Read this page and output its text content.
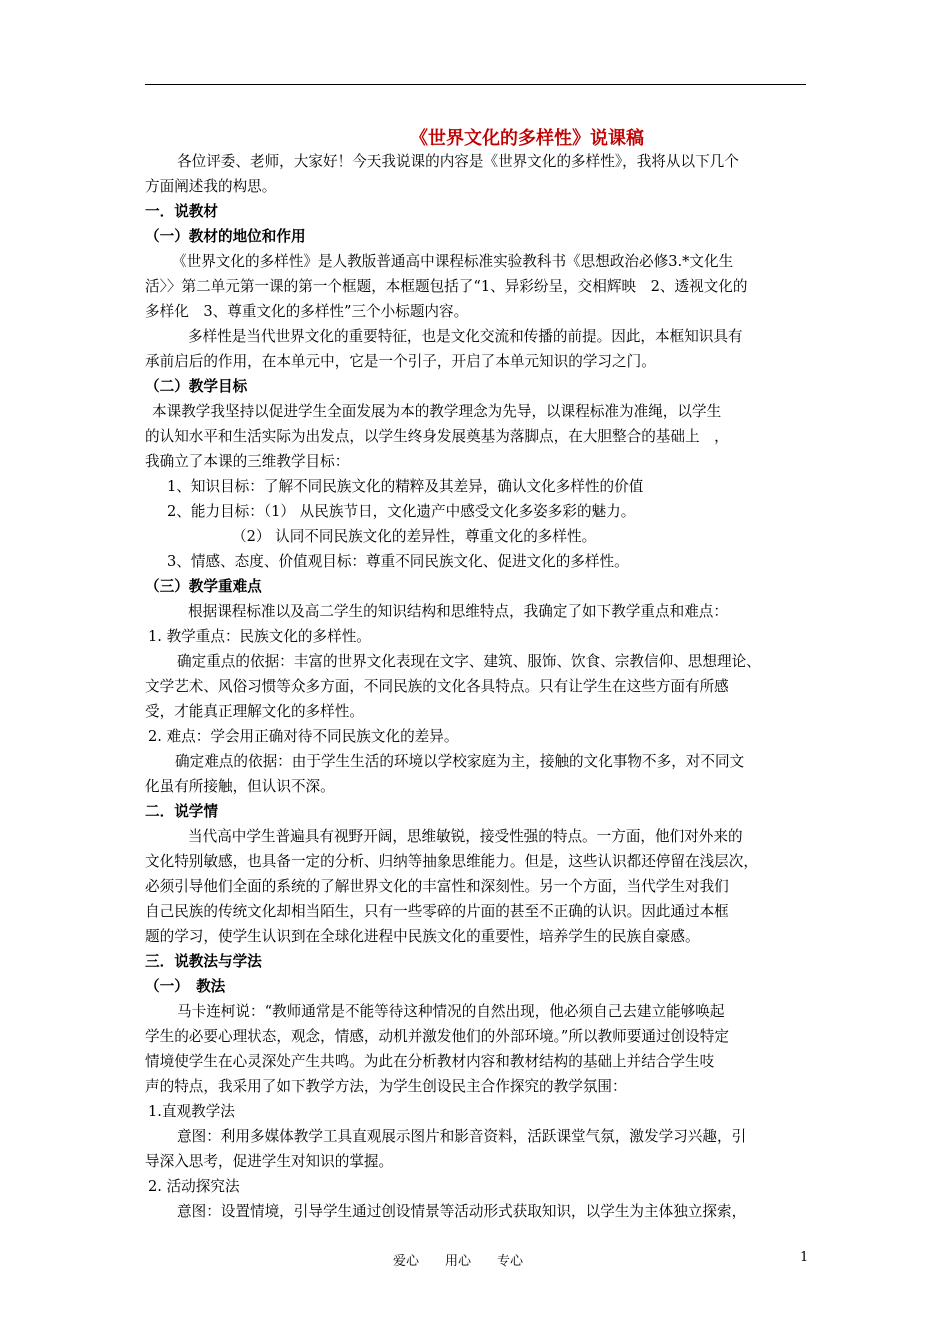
《世界文化的多样性》说课稿
各位评委、老师，大家好！今天我说课的内容是《世界文化的多样性》，我将从以下几个
方面阐述我的构思。
一．说教材
（一）教材的地位和作用
《世界文化的多样性》是人教版普通高中课程标准实验教科书《思想政治必修3.*文化生
活〉〉第二单元第一课的第一个框题，本框题包括了“1、异彩纷呈，交相辉映　2、透视文化的
多样化　3、尊重文化的多样性”三个小标题内容。
多样性是当代世界文化的重要特征，也是文化交流和传播的前提。因此，本框知识具有
承前启后的作用，在本单元中，它是一个引子，开启了本单元知识的学习之门。
（二）教学目标
本课教学我坚持以促进学生全面发展为本的教学理念为先导，以课程标准为准绳，以学生
的认知水平和生活实际为出发点，以学生终身发展奠基为落脚点，在大胆整合的基础上　，
我确立了本课的三维教学目标：
1、知识目标：了解不同民族文化的精粹及其差异，确认文化多样性的价值
2、能力目标：（1） 从民族节日，文化遗产中感受文化多姿多彩的魅力。
（2） 认同不同民族文化的差异性，尊重文化的多样性。
3、情感、态度、价值观目标：尊重不同民族文化、促进文化的多样性。
（三）教学重难点
根据课程标准以及高二学生的知识结构和思维特点，我确定了如下教学重点和难点：
1. 教学重点：民族文化的多样性。
确定重点的依据：丰富的世界文化表现在文字、建筑、服饰、饮食、宗教信仰、思想理论、
文学艺术、风俗习惯等众多方面，不同民族的文化各具特点。只有让学生在这些方面有所感
受，才能真正理解文化的多样性。
2. 难点：学会用正确对待不同民族文化的差异。
确定难点的依据：由于学生生活的环境以学校家庭为主，接触的文化事物不多，对不同文
化虽有所接触，但认识不深。
二．说学情
当代高中学生普遍具有视野开阔，思维敏锐，接受性强的特点。一方面，他们对外来的
文化特别敏感，也具备一定的分析、归纳等抽象思维能力。但是，这些认识都还停留在浅层次，
必须引导他们全面的系统的了解世界文化的丰富性和深刻性。另一个方面，当代学生对我们
自己民族的传统文化却相当陌生，只有一些零碎的片面的甚至不正确的认识。因此通过本框
题的学习，使学生认识到在全球化进程中民族文化的重要性，培养学生的民族自豪感。
三．说教法与学法
（一）　教法
马卡连柯说：“教师通常是不能等待这种情况的自然出现，他必须自己去建立能够唤起
学生的必要心理状态，观念，情感，动机并激发他们的外部环境。”所以教师要通过创设特定
情境使学生在心灵深处产生共鸣。为此在分析教材内容和教材结构的基础上并结合学生吱
声的特点，我采用了如下教学方法，为学生创设民主合作探究的教学氛围：
1.直观教学法
意图：利用多媒体教学工具直观展示图片和影音资料，活跃课堂气氛，激发学习兴趣，引
导深入思考，促进学生对知识的掌握。
2. 活动探究法
意图：设置情境，引导学生通过创设情景等活动形式获取知识，以学生为主体独立探索，
爱心　　用心　　专心	1
